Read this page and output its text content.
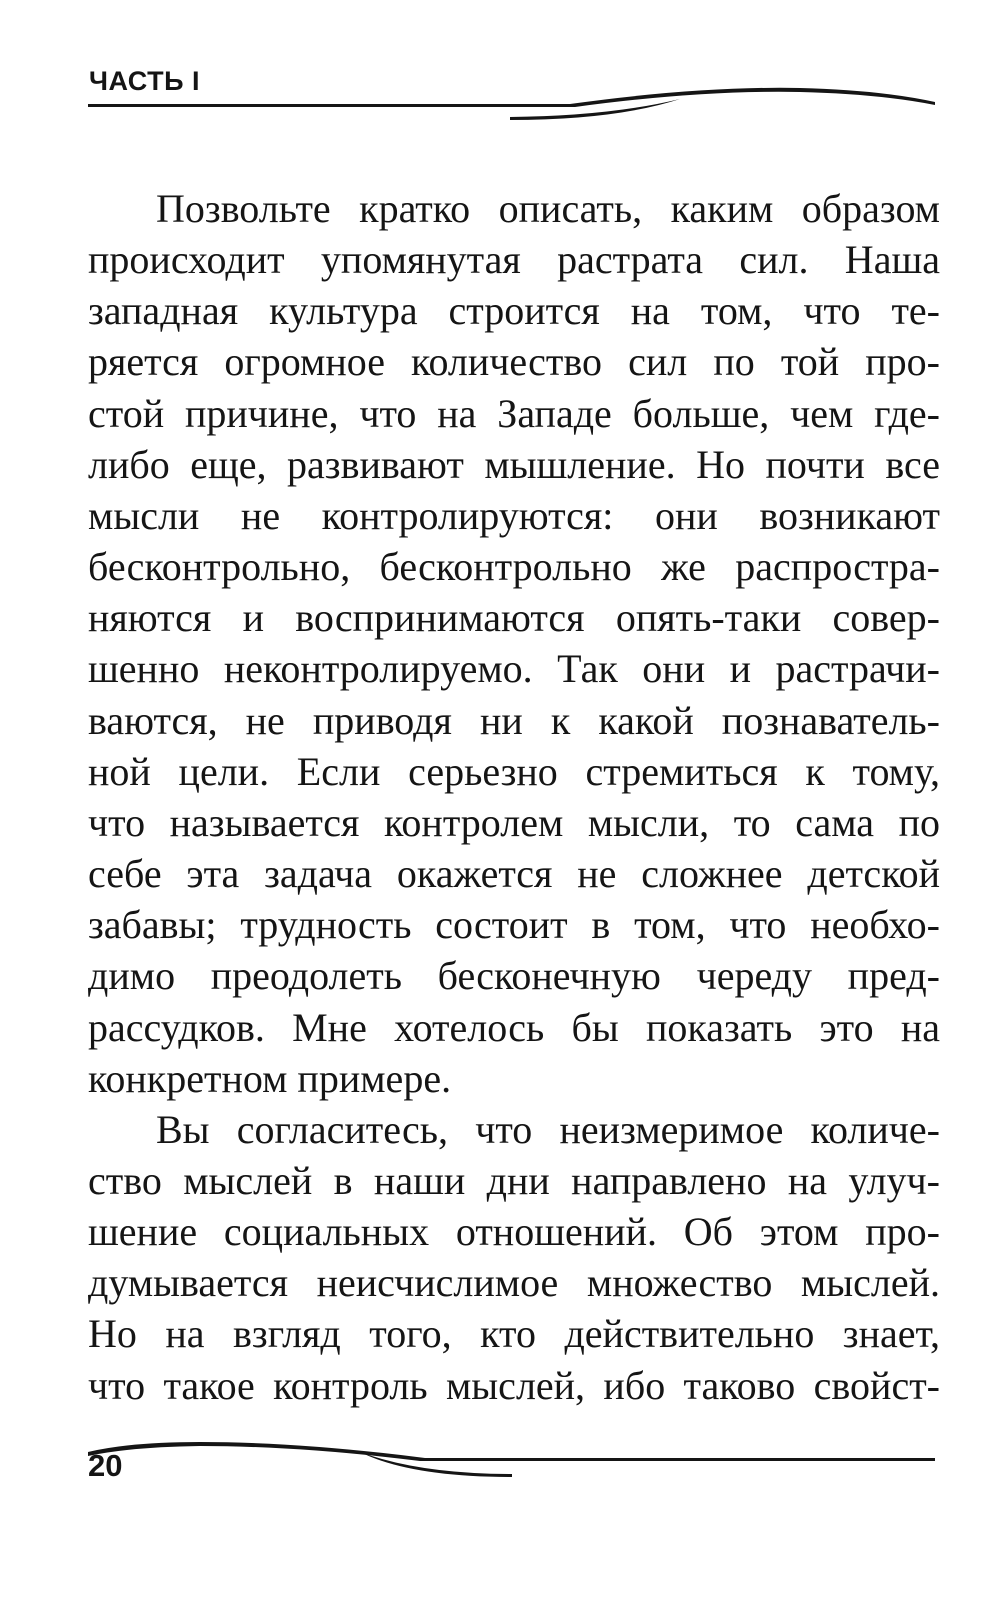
ЧАСТЬ I
Позвольте кратко описать, каким образом
происходит упомянутая растрата сил. Наша
западная культура строится на том, что те-
ряется огромное количество сил по той про-
стой причине, что на Западе больше, чем где-
либо еще, развивают мышление. Но почти все
мысли не контролируются: они возникают
бесконтрольно, бесконтрольно же распростра-
няются и воспринимаются опять-таки совер-
шенно неконтролируемо. Так они и растрачи-
ваются, не приводя ни к какой познаватель-
ной цели. Если серьезно стремиться к тому,
что называется контролем мысли, то сама по
себе эта задача окажется не сложнее детской
забавы; трудность состоит в том, что необхо-
димо преодолеть бесконечную череду пред-
рассудков. Мне хотелось бы показать это на
конкретном примере.
Вы согласитесь, что неизмеримое количе-
ство мыслей в наши дни направлено на улуч-
шение социальных отношений. Об этом про-
думывается неисчислимое множество мыслей.
Но на взгляд того, кто действительно знает,
что такое контроль мыслей, ибо таково свойст-
20
